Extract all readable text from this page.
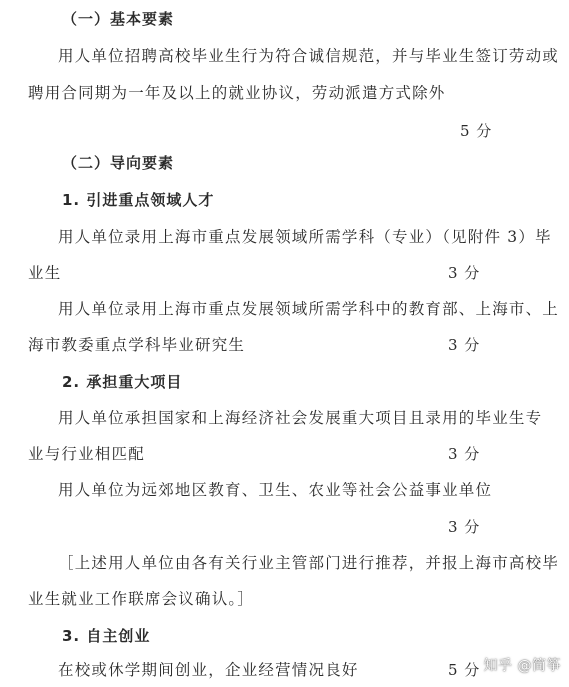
（一）基本要素
用人单位招聘高校毕业生行为符合诚信规范，并与毕业生签订劳动或
聘用合同期为一年及以上的就业协议，劳动派遣方式除外
5 分
（二）导向要素
1. 引进重点领域人才
用人单位录用上海市重点发展领域所需学科（专业）（见附件 3）毕
业生	3 分
用人单位录用上海市重点发展领域所需学科中的教育部、上海市、上
海市教委重点学科毕业研究生	3 分
2. 承担重大项目
用人单位承担国家和上海经济社会发展重大项目且录用的毕业生专
业与行业相匹配	3 分
用人单位为远郊地区教育、卫生、农业等社会公益事业单位
3 分
［上述用人单位由各有关行业主管部门进行推荐，并报上海市高校毕
业生就业工作联席会议确认。］
3. 自主创业
在校或休学期间创业，企业经营情况良好	5 分 知乎 @简筝
